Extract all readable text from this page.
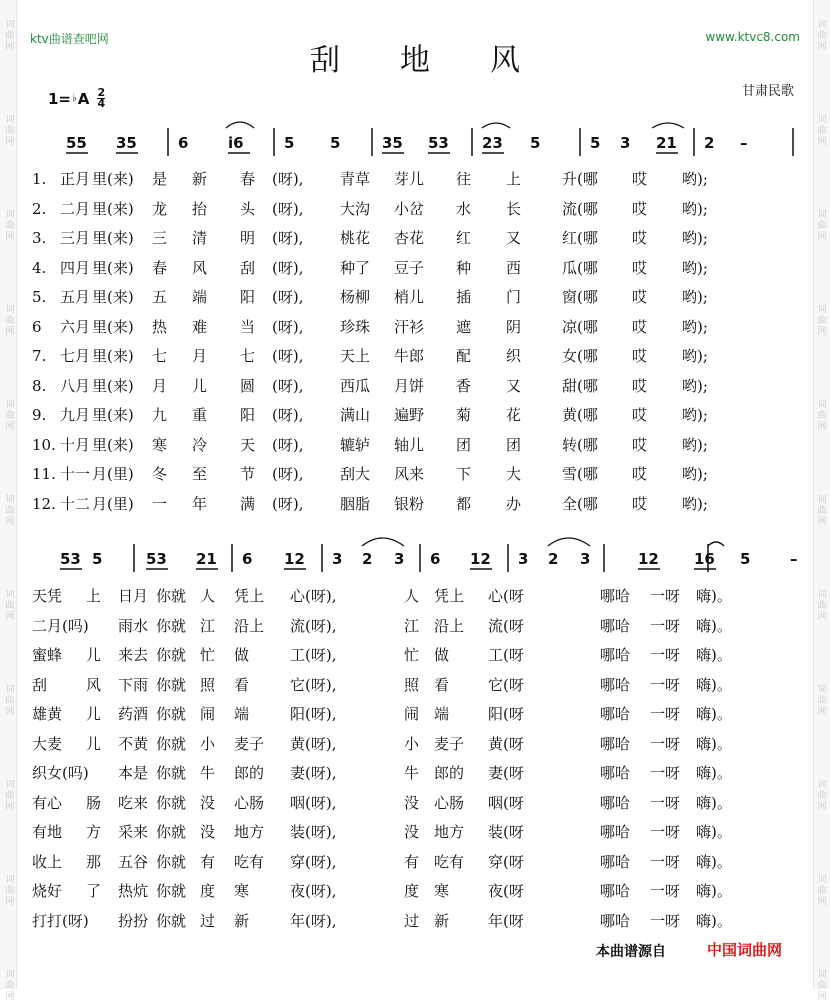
词
曲
网
词
曲
网
词
曲
网
词
曲
网
词
曲
网
词
曲
网
词
曲
网
词
曲
网
词
曲
网
词
曲
网
词
曲
网
词
曲
网
词
曲
网
词
曲
网
词
曲
网
词
曲
网
词
曲
网
词
曲
网
词
曲
网
词
曲
网
词
曲
网
词
曲
网
ktv曲谱查吧网	www.ktvc8.com
刮地风
甘肃民歌
1= ♭ A 2
4
55 35	6	i6	5 5	35 53 23 5	5 3 21 2 –
53 5	53 21 6 12 3 2 3 6 12 3 2 3	12 16 5	–
1. 正月 里(来) 是 新 春 (呀), 青草 芽儿 往 上	升(哪 哎 哟);
2. 二月 里(来) 龙 抬 头 (呀), 大沟 小岔 水 长	流(哪 哎 哟);
3. 三月 里(来) 三 清 明 (呀), 桃花 杏花 红 又	红(哪 哎 哟);
4. 四月 里(来) 春 风 刮 (呀), 种了 豆子 种 西	瓜(哪 哎 哟);
5. 五月 里(来) 五 端 阳 (呀), 杨柳 梢儿 插 门	窗(哪 哎 哟);
6 六月 里(来) 热 难 当 (呀), 珍珠 汗衫 遮 阴	凉(哪 哎 哟);
7. 七月 里(来) 七 月 七 (呀), 天上 牛郎 配 织	女(哪 哎 哟);
8. 八月 里(来) 月 儿 圆 (呀), 西瓜 月饼 香 又	甜(哪 哎 哟);
9. 九月 里(来) 九 重 阳 (呀), 满山 遍野 菊 花	黄(哪 哎 哟);
10. 十月 里(来) 寒 冷 天 (呀), 辘轳 轴儿 团 团	转(哪 哎 哟);
11. 十一 月(里) 冬 至 节 (呀), 刮大 风来 下 大	雪(哪 哎 哟);
12. 十二 月(里) 一 年 满 (呀), 胭脂 银粉 都 办	全(哪 哎 哟);
天凭 上 日月 你就 人 凭上 心(呀),	人 凭上 心(呀	哪哈 一呀 嗨)。
二月(吗) 雨水 你就 江 沿上 流(呀),	江 沿上 流(呀	哪哈 一呀 嗨)。
蜜蜂 儿 来去 你就 忙 做	工(呀),	忙 做	工(呀	哪哈 一呀 嗨)。
刮	风 下雨 你就 照 看	它(呀),	照 看	它(呀	哪哈 一呀 嗨)。
雄黄 儿 药酒 你就 闹 端	阳(呀),	闹 端	阳(呀	哪哈 一呀 嗨)。
大麦 儿 不黄 你就 小 麦子 黄(呀),	小 麦子 黄(呀	哪哈 一呀 嗨)。
织女(吗) 本是 你就 牛 郎的 妻(呀),	牛 郎的 妻(呀	哪哈 一呀 嗨)。
有心 肠 吃来 你就 没 心肠 咽(呀),	没 心肠 咽(呀	哪哈 一呀 嗨)。
有地 方 采来 你就 没 地方 装(呀),	没 地方 装(呀	哪哈 一呀 嗨)。
收上 那 五谷 你就 有 吃有 穿(呀),	有 吃有 穿(呀	哪哈 一呀 嗨)。
烧好 了 热炕 你就 度 寒	夜(呀),	度 寒	夜(呀	哪哈 一呀 嗨)。
打打(呀) 扮扮 你就 过 新	年(呀),	过 新	年(呀	哪哈 一呀 嗨)。
本曲谱源自	中国词曲网
